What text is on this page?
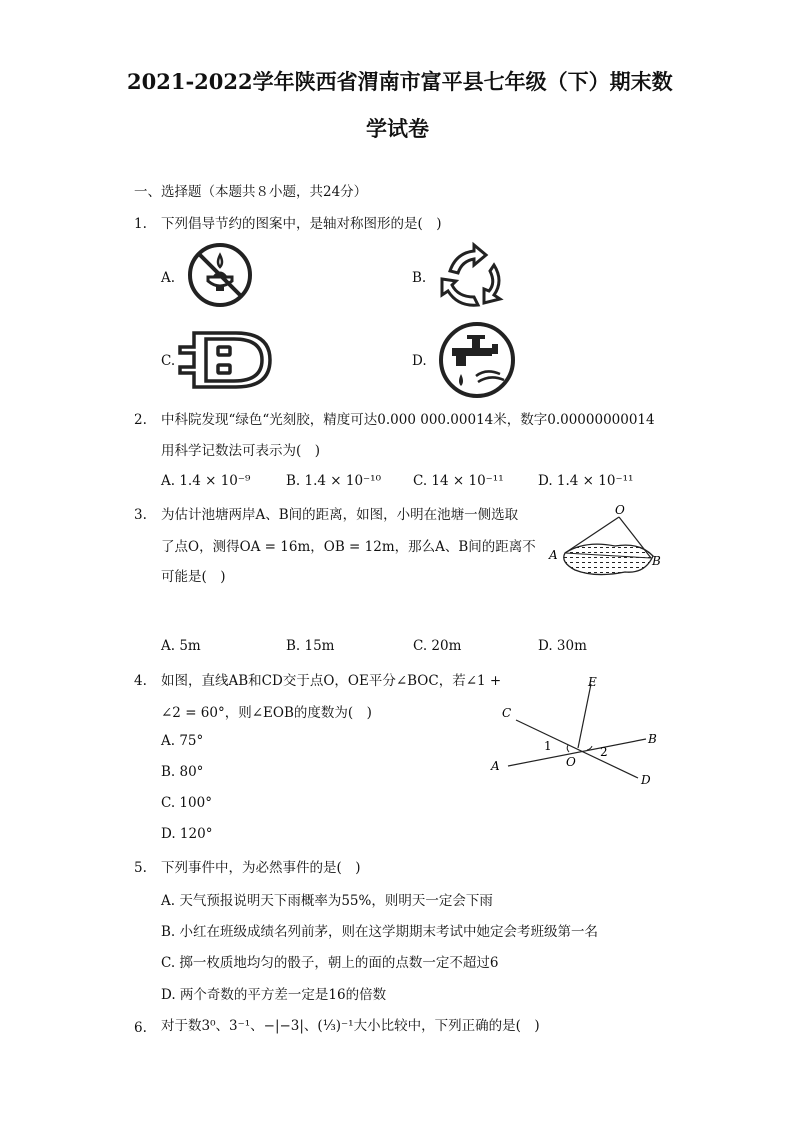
2021-2022学年陕西省渭南市富平县七年级（下）期末数
学试卷
一、选择题（本题共８小题，共24分）
1. 下列倡导节约的图案中，是轴对称图形的是(　)
A.	B.
C.	D.
2. 中科院发现“绿色“光刻胶，精度可达0.000 000.00014米，数字0.00000000014
用科学记数法可表示为(　)
A. 1.4 × 10⁻⁹	B. 1.4 × 10⁻¹⁰ C. 14 × 10⁻¹¹	D. 1.4 × 10⁻¹¹
3. 为估计池塘两岸A、B间的距离，如图，小明在池塘一侧选取
了点O，测得OA = 16m，OB = 12m，那么A、B间的距离不
可能是(　)
O
A	B
A. 5m	B. 15m	C. 20m	D. 30m
4. 如图，直线AB和CD交于点O，OE平分∠BOC，若∠1 +
∠2 = 60°，则∠EOB的度数为(　)
E
C
B
A	O
D
1	2
A. 75°
B. 80°
C. 100°
D. 120°
5. 下列事件中，为必然事件的是(　)
A. 天气预报说明天下雨概率为55%，则明天一定会下雨
B. 小红在班级成绩名列前茅，则在这学期期末考试中她定会考班级第一名
C. 掷一枚质地均匀的骰子，朝上的面的点数一定不超过6
D. 两个奇数的平方差一定是16的倍数
6. 对于数3⁰、3⁻¹、−|−3|、(⅓)⁻¹大小比较中，下列正确的是(　)
